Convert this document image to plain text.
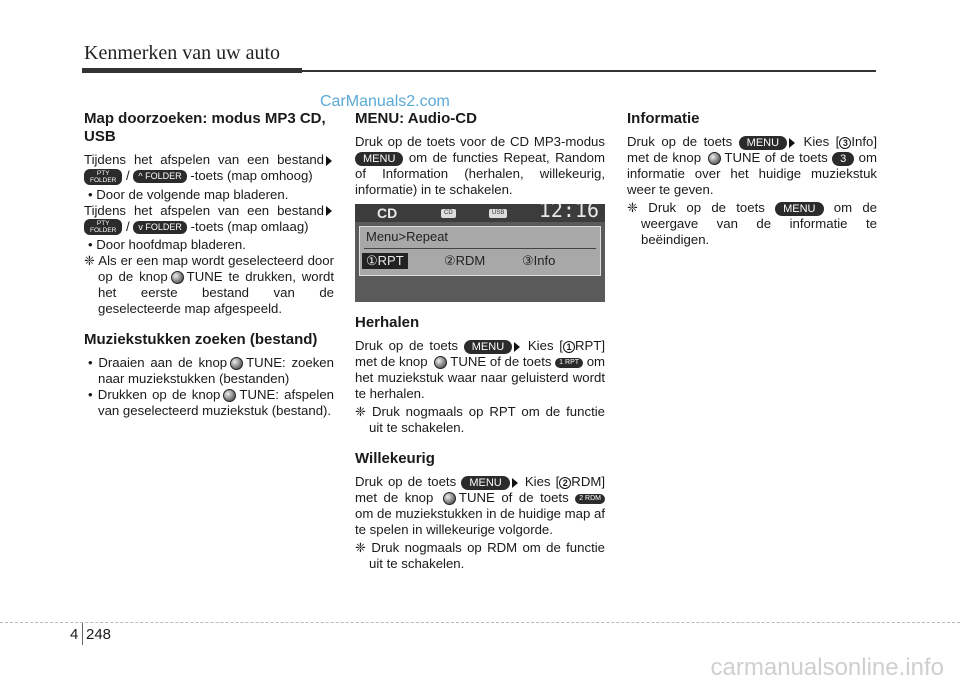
Kenmerken van uw auto
CarManuals2.com
Map doorzoeken: modus MP3 CD, USB

Tijdens het afspelen van een bestand PTY
FOLDER / ^ FOLDER -toets (map omhoog)

• Door de volgende map bladeren.

Tijdens het afspelen van een bestand PTY
FOLDER / v FOLDER -toets (map omlaag)

• Door hoofdmap bladeren.

❈ Als er een map wordt geselecteerd door op de knop TUNE te drukken, wordt het eerste bestand van de geselecteerde map afgespeeld.

Muziekstukken zoeken (bestand)

• Draaien aan de knop TUNE: zoeken naar muziekstukken (bestanden)

• Drukken op de knop TUNE: afspelen van geselecteerd muziekstuk (bestand).

MENU: Audio-CD

Druk op de toets voor de CD MP3-modus MENU om de functies Repeat, Random of Information (herhalen, willekeurig, informatie) in te schakelen.

CD	CD	USB 12:16
Menu>Repeat
①RPT	②RDM	③Info
Herhalen

Druk op de toets MENU Kies [ 1 RPT] met de knop TUNE of de toets 1 RPT om het muziekstuk waar naar geluisterd wordt te herhalen.

❈ Druk nogmaals op RPT om de functie uit te schakelen.

Willekeurig

Druk op de toets MENU Kies [ 2 RDM] met de knop TUNE of de toets 2 RDM om de muziekstukken in de huidige map af te spelen in willekeurige volgorde.

❈ Druk nogmaals op RDM om de functie uit te schakelen.

Informatie

Druk op de toets MENU Kies [ 3 Info] met de knop TUNE of de toets 3 om informatie over het huidige muziekstuk weer te geven.

❈ Druk op de toets MENU om de weergave van de informatie te beëindigen.

4 248
carmanualsonline.info
